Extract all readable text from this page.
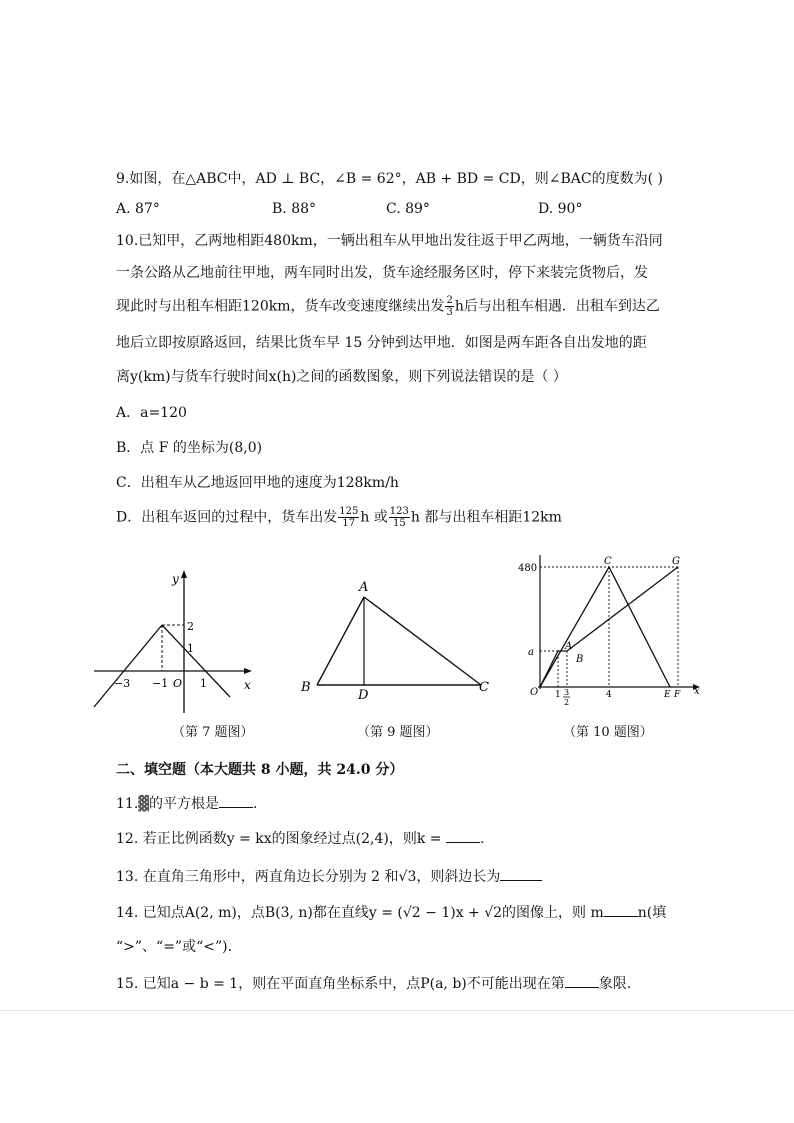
9.如图，在△ABC中，AD ⊥ BC，∠B = 62°，AB + BD = CD，则∠BAC的度数为( )
A. 87°	B. 88°	C. 89°	D. 90°
10.已知甲，乙两地相距480km，一辆出租车从甲地出发往返于甲乙两地，一辆货车沿同
一条公路从乙地前往甲地，两车同时出发，货车途经服务区时，停下来装完货物后，发
现此时与出租车相距120km，货车改变速度继续出发 $\frac{2}{3}$ h后与出租车相遇．出租车到达乙
地后立即按原路返回，结果比货车早 15 分钟到达甲地．如图是两车距各自出发地的距
离y(km)与货车行驶时间x(h)之间的函数图象，则下列说法错误的是（ ）
A．a=120
B．点 F 的坐标为(8,0)
C．出租车从乙地返回甲地的速度为128km/h
D．出租车返回的过程中，货车出发 $\frac{125}{17}$ h 或 $\frac{123}{15}$ h 都与出租车相距12km
y
x
2
1
−3 −1 O 1
A
B
D
C	x
480
a
O
C	G
A
B
1 3
2
4	E F
（第 7 题图）	（第 9 题图）	（第 10 题图）
二、填空题（本大题共 8 小题，共 24.0 分）
11.▓的平方根是 .
12. 若正比例函数y = kx的图象经过点(2,4)，则k =	.
13. 在直角三角形中，两直角边长分别为 2 和√3，则斜边长为
14. 已知点A(2, m)，点B(3, n)都在直线y = (√2 − 1)x + √2的图像上，则 m n(填
“>”、“=”或“<”).
15. 已知a − b = 1，则在平面直角坐标系中，点P(a, b)不可能出现在第 象限.
